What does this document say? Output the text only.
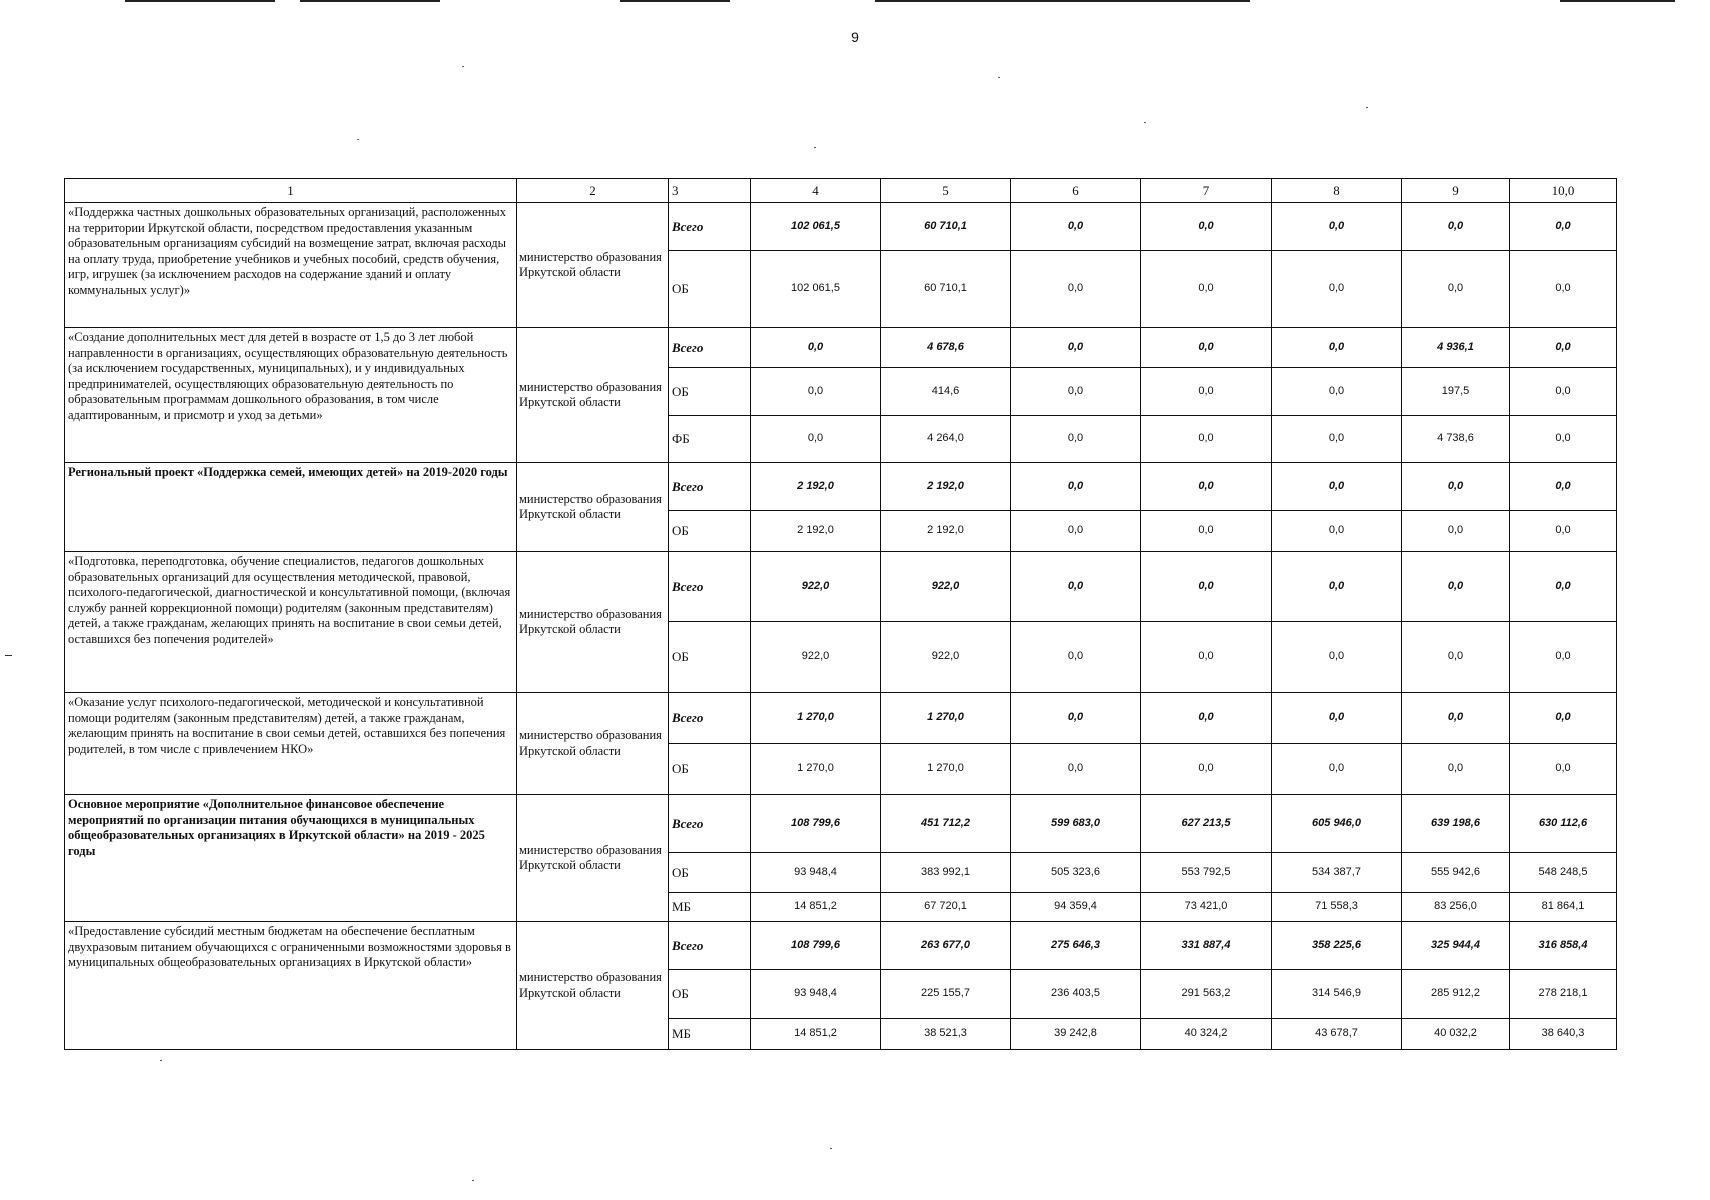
9
1	2	3	4	5	6	7	8	9	10,0
«Поддержка частных дошкольных образовательных организаций, расположенных на территории Иркутской области, посредством предоставления указанным образовательным организациям субсидий на возмещение затрат, включая расходы на оплату труда, приобретение учебников и учебных пособий, средств обучения, игр, игрушек (за исключением расходов на содержание зданий и оплату коммунальных услуг)»	министерство образования Иркутской области	Всего	102 061,5	60 710,1	0,0	0,0	0,0	0,0	0,0
		ОБ	102 061,5	60 710,1	0,0	0,0	0,0	0,0	0,0
«Создание дополнительных мест для детей в возрасте от 1,5 до 3 лет любой направленности в организациях, осуществляющих образовательную деятельность (за исключением государственных, муниципальных), и у индивидуальных предпринимателей, осуществляющих образовательную деятельность по образовательным программам дошкольного образования, в том числе адаптированным, и присмотр и уход за детьми»	министерство образования Иркутской области	Всего	0,0	4 678,6	0,0	0,0	0,0	4 936,1	0,0
		ОБ	0,0	414,6	0,0	0,0	0,0	197,5	0,0
		ФБ	0,0	4 264,0	0,0	0,0	0,0	4 738,6	0,0
Региональный проект «Поддержка семей, имеющих детей» на 2019-2020 годы	министерство образования Иркутской области	Всего	2 192,0	2 192,0	0,0	0,0	0,0	0,0	0,0
		ОБ	2 192,0	2 192,0	0,0	0,0	0,0	0,0	0,0
«Подготовка, переподготовка, обучение специалистов, педагогов дошкольных образовательных организаций для осуществления методической, правовой, психолого-педагогической, диагностической и консультативной помощи, (включая службу ранней коррекционной помощи) родителям (законным представителям) детей, а также гражданам, желающих принять на воспитание в свои семьи детей, оставшихся без попечения родителей»	министерство образования Иркутской области	Всего	922,0	922,0	0,0	0,0	0,0	0,0	0,0
		ОБ	922,0	922,0	0,0	0,0	0,0	0,0	0,0
«Оказание услуг психолого-педагогической, методической и консультативной помощи родителям (законным представителям) детей, а также гражданам, желающим принять на воспитание в свои семьи детей, оставшихся без попечения родителей, в том числе с привлечением НКО»	министерство образования Иркутской области	Всего	1 270,0	1 270,0	0,0	0,0	0,0	0,0	0,0
		ОБ	1 270,0	1 270,0	0,0	0,0	0,0	0,0	0,0
Основное мероприятие «Дополнительное финансовое обеспечение мероприятий по организации питания обучающихся в муниципальных общеобразовательных организациях в Иркутской области» на 2019 - 2025 годы	министерство образования Иркутской области	Всего	108 799,6	451 712,2	599 683,0	627 213,5	605 946,0	639 198,6	630 112,6
		ОБ	93 948,4	383 992,1	505 323,6	553 792,5	534 387,7	555 942,6	548 248,5
		МБ	14 851,2	67 720,1	94 359,4	73 421,0	71 558,3	83 256,0	81 864,1
«Предоставление субсидий местным бюджетам на обеспечение бесплатным двухразовым питанием обучающихся с ограниченными возможностями здоровья в муниципальных общеобразовательных организациях в Иркутской области»	министерство образования Иркутской области	Всего	108 799,6	263 677,0	275 646,3	331 887,4	358 225,6	325 944,4	316 858,4
		ОБ	93 948,4	225 155,7	236 403,5	291 563,2	314 546,9	285 912,2	278 218,1
		МБ	14 851,2	38 521,3	39 242,8	40 324,2	43 678,7	40 032,2	38 640,3
